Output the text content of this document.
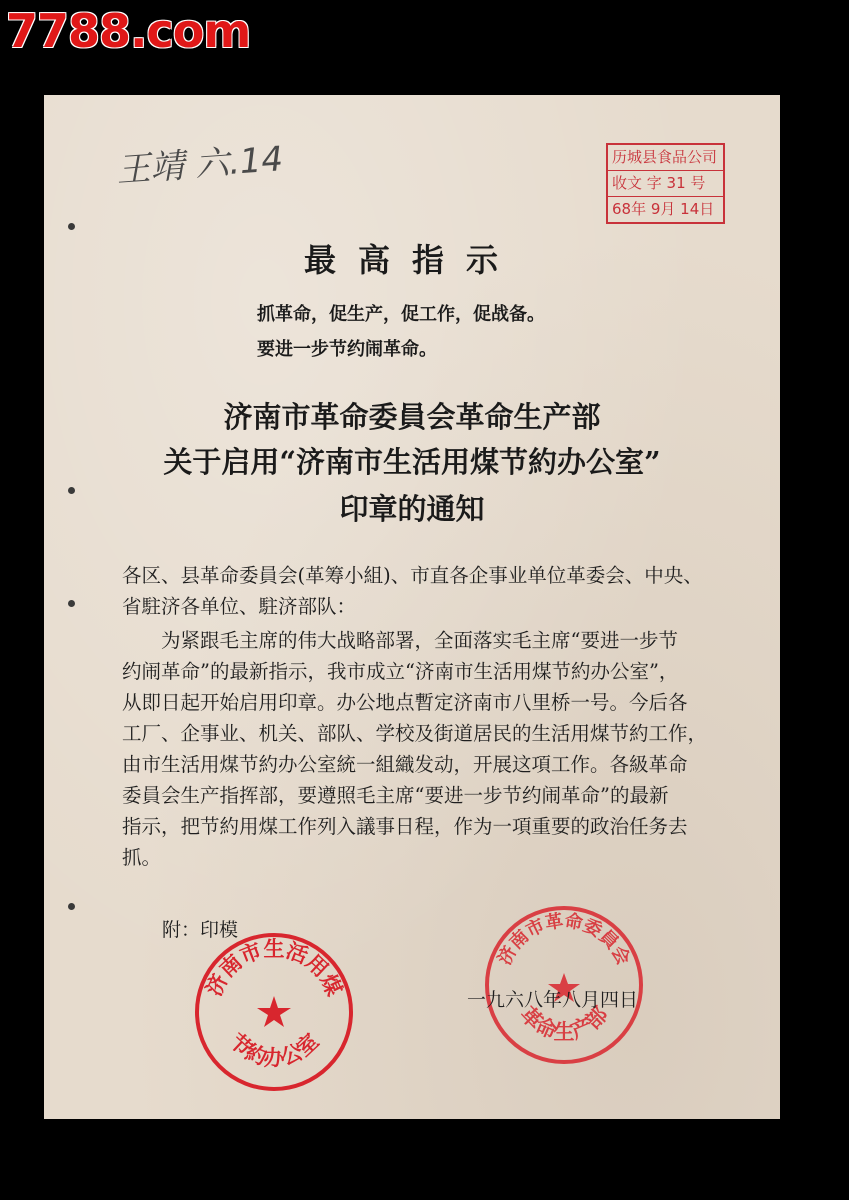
7788.com
王靖 六.14	历城县食品公司
收文 字 31 号
68年 9月 14日
最高指示
抓革命，促生产，促工作，促战备。
要进一步节约闹革命。
济南市革命委員会革命生产部
关于启用“济南市生活用煤节約办公室”
印章的通知

各区、县革命委員会(革筹小組)、市直各企事业单位革委会、中央、

省駐济各单位、駐济部队：

为紧跟毛主席的伟大战略部署，全面落实毛主席“要进一步节

约闹革命”的最新指示，我市成立“济南市生活用煤节約办公室”，

从即日起开始启用印章。办公地点暫定济南市八里桥一号。今后各

工厂、企事业、机关、部队、学校及街道居民的生活用煤节約工作，

由市生活用煤节約办公室統一組織发动，开展这項工作。各級革命

委員会生产指挥部，要遵照毛主席“要进一步节约闹革命”的最新

指示，把节約用煤工作列入議事日程，作为一項重要的政治任务去

抓。

附：印模
济南市生活用煤
节約办公室
济南市革命委員会
革命生产部
一九六八年八月四日
